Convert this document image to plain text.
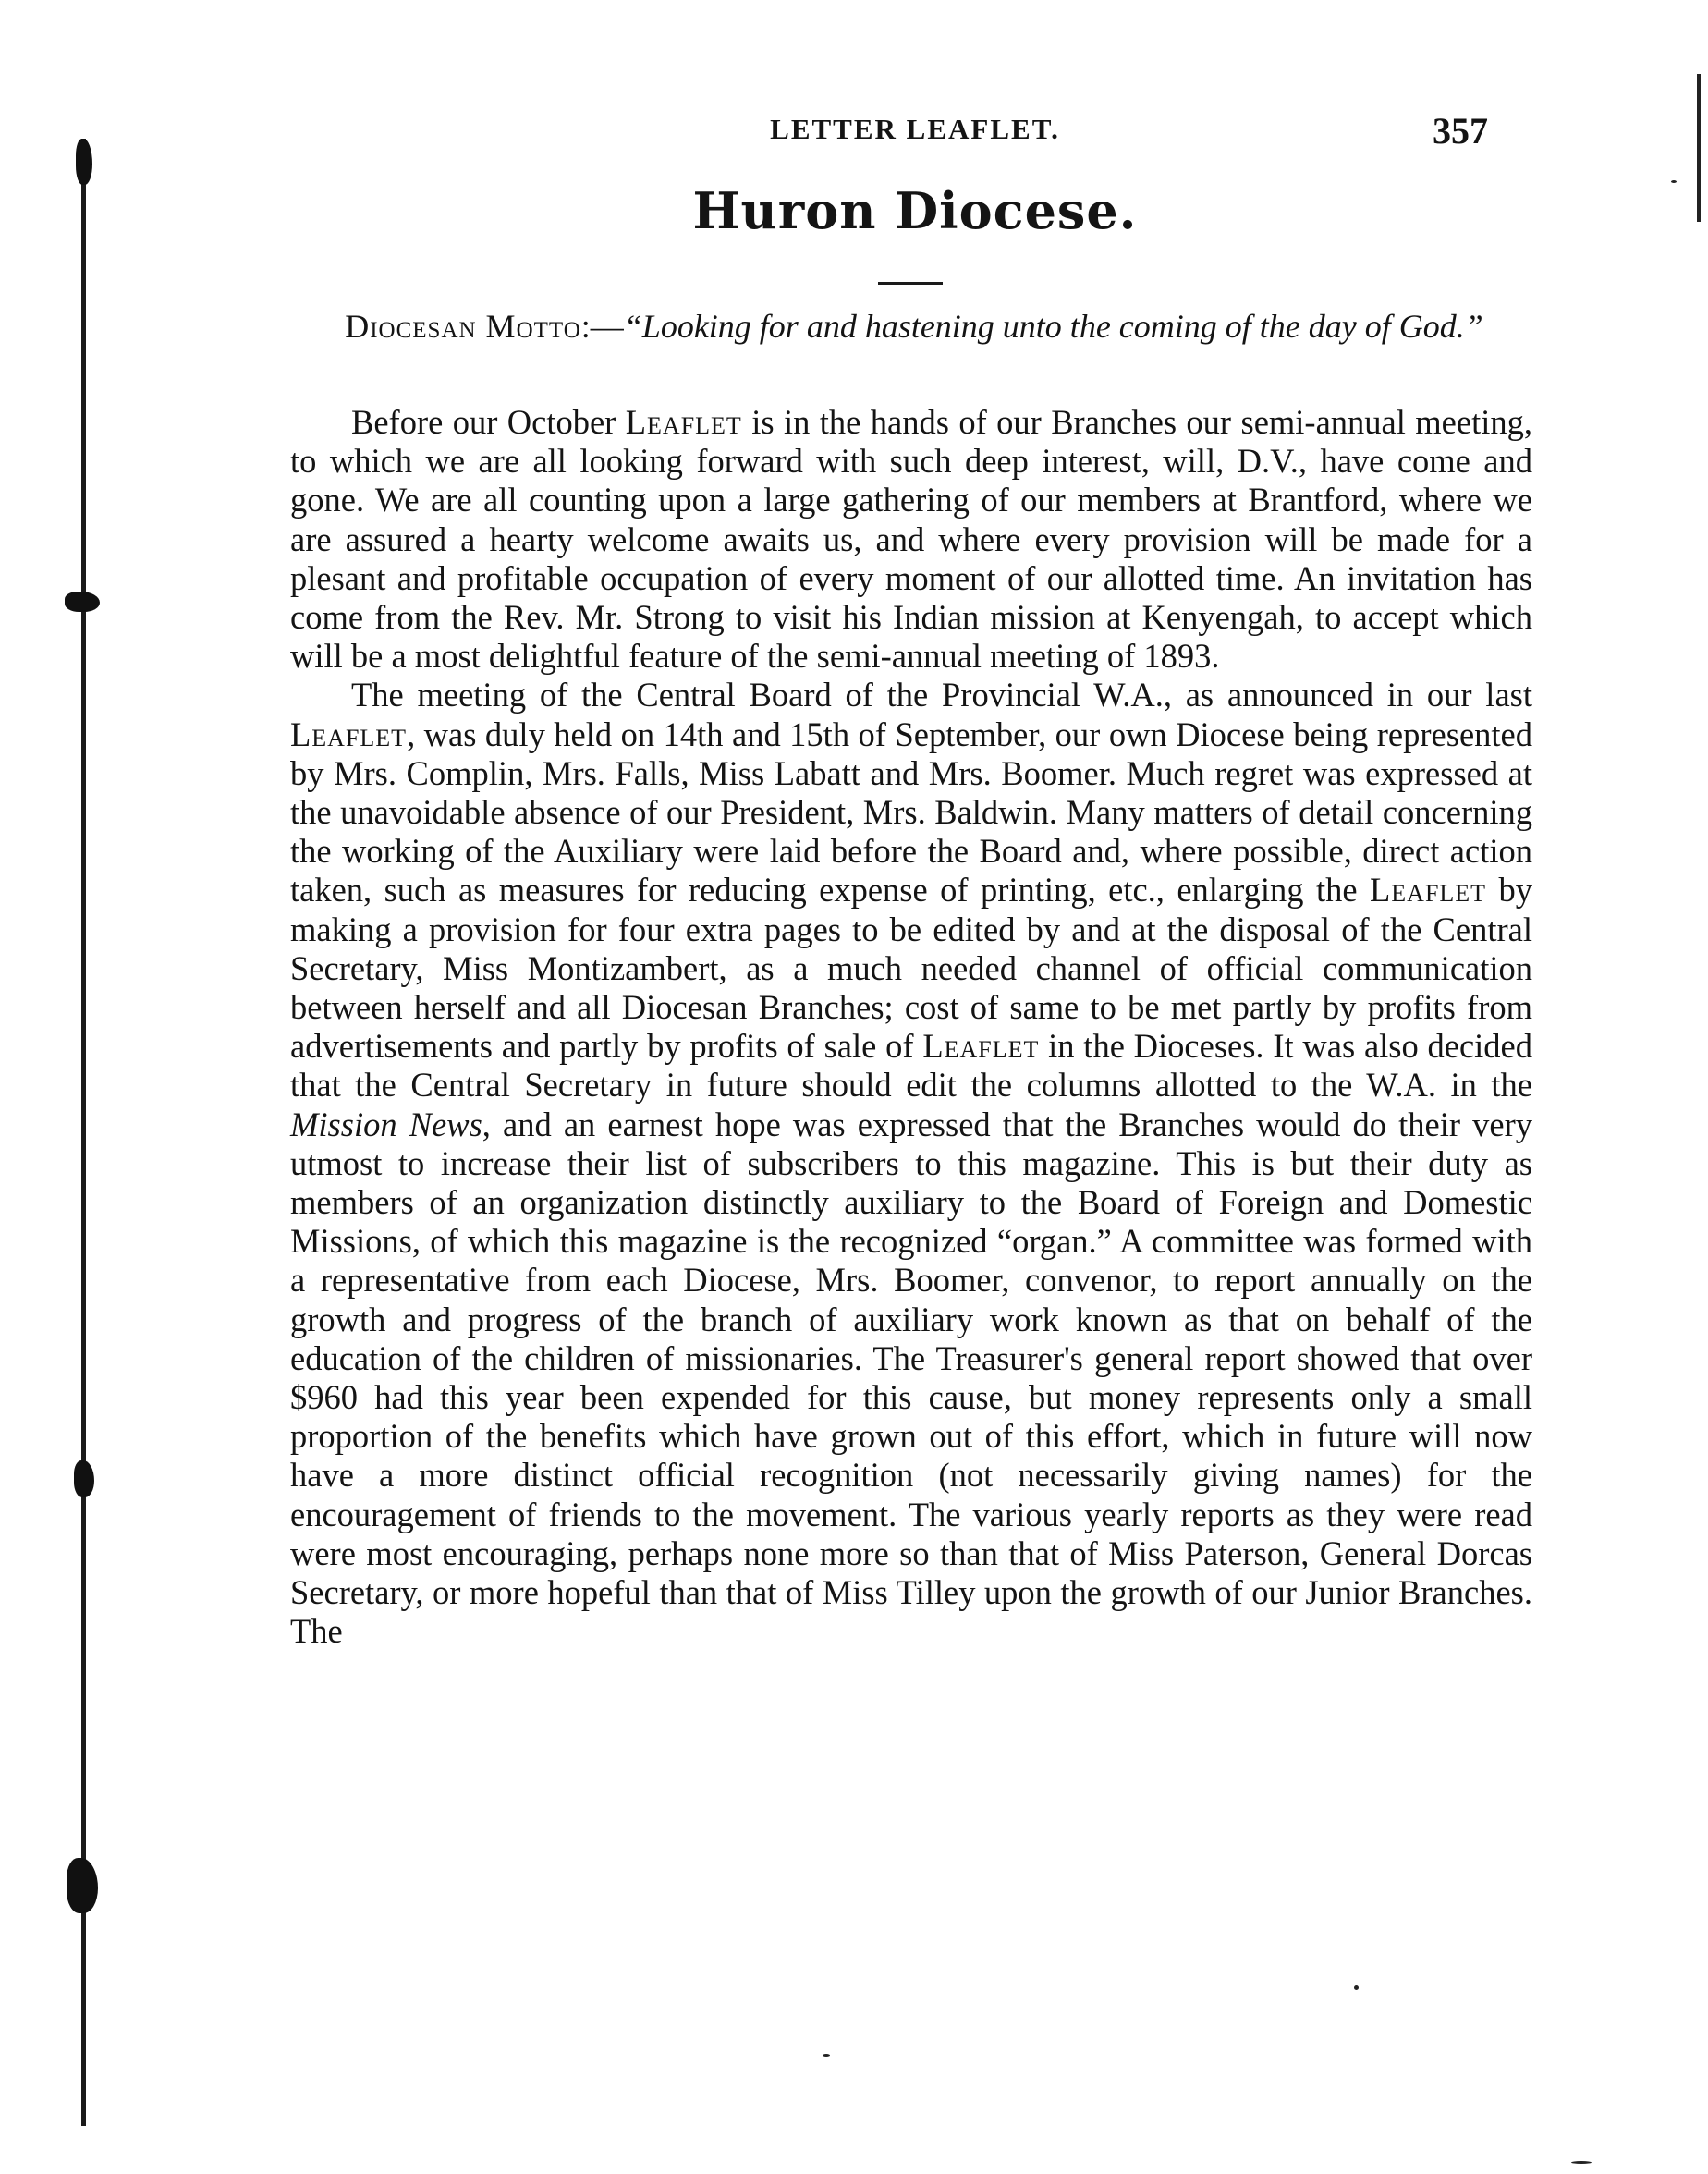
LETTER LEAFLET.	357
Huron Diocese.
Diocesan Motto:—“Looking for and hastening unto the coming of the day of God.”

Before our October Leaflet is in the hands of our Branches our semi-annual meeting, to which we are all looking forward with such deep interest, will, D.V., have come and gone. We are all counting upon a large gathering of our members at Brantford, where we are assured a hearty welcome awaits us, and where every provision will be made for a plesant and profitable occupation of every moment of our allotted time. An invitation has come from the Rev. Mr. Strong to visit his Indian mission at Kenyengah, to accept which will be a most delightful feature of the semi-annual meeting of 1893.

The meeting of the Central Board of the Provincial W.A., as announced in our last Leaflet, was duly held on 14th and 15th of September, our own Diocese being represented by Mrs. Complin, Mrs. Falls, Miss Labatt and Mrs. Boomer. Much regret was expressed at the unavoidable absence of our President, Mrs. Baldwin. Many matters of detail concerning the working of the Auxiliary were laid before the Board and, where possible, direct action taken, such as measures for reducing expense of printing, etc., enlarging the Leaflet by making a provision for four extra pages to be edited by and at the disposal of the Central Secretary, Miss Montizambert, as a much needed channel of official communication between herself and all Diocesan Branches; cost of same to be met partly by profits from advertisements and partly by profits of sale of Leaflet in the Dioceses. It was also decided that the Central Secretary in future should edit the columns allotted to the W.A. in the Mission News, and an earnest hope was expressed that the Branches would do their very utmost to increase their list of subscribers to this magazine. This is but their duty as members of an organization distinctly auxiliary to the Board of Foreign and Domestic Missions, of which this magazine is the recognized “organ.” A committee was formed with a representative from each Diocese, Mrs. Boomer, convenor, to report annually on the growth and progress of the branch of auxiliary work known as that on behalf of the education of the children of missionaries. The Treasurer's general report showed that over $960 had this year been expended for this cause, but money represents only a small proportion of the benefits which have grown out of this effort, which in future will now have a more distinct official recognition (not necessarily giving names) for the encouragement of friends to the movement. The various yearly reports as they were read were most encouraging, perhaps none more so than that of Miss Paterson, General Dorcas Secretary, or more hopeful than that of Miss Tilley upon the growth of our Junior Branches. The
